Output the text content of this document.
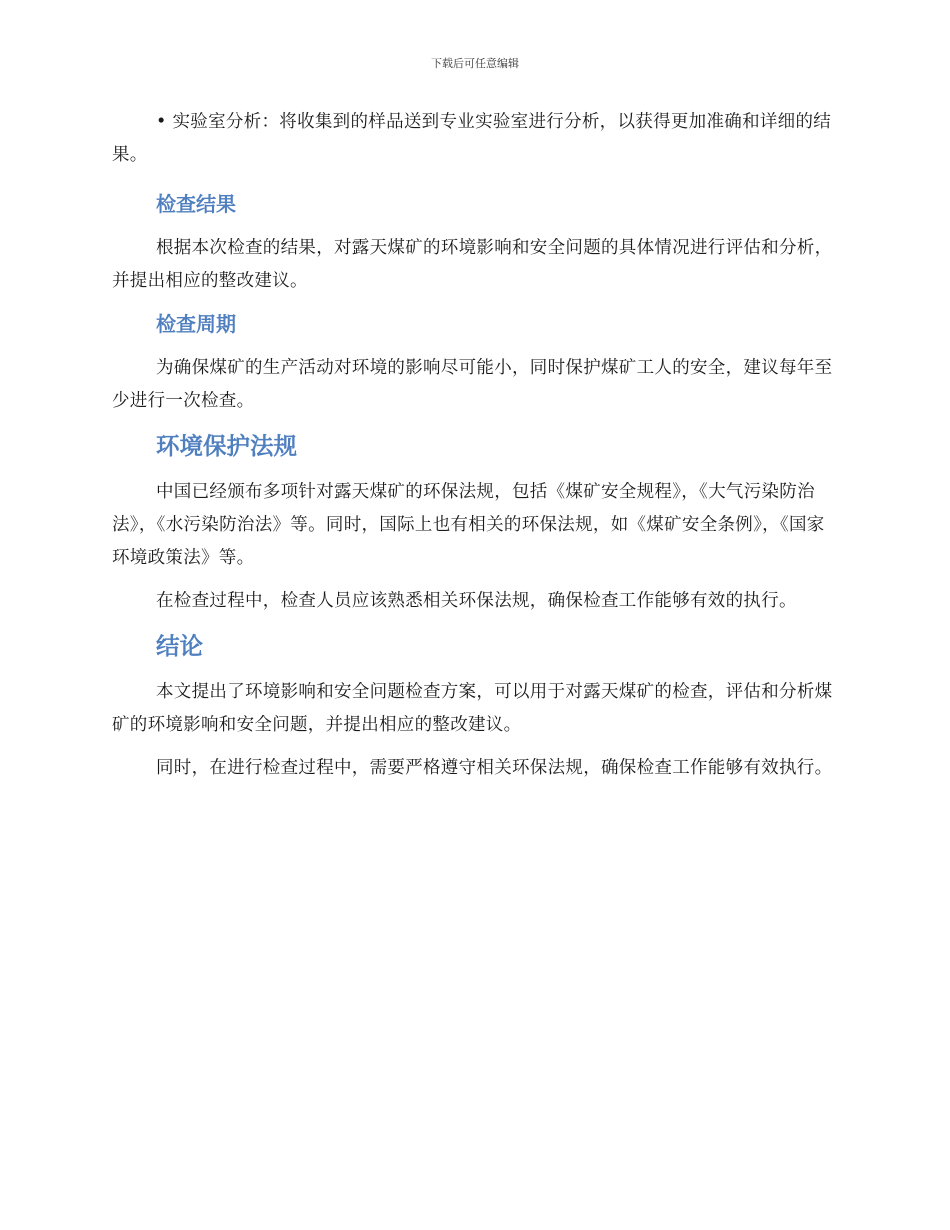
下载后可任意编辑

• 实验室分析：将收集到的样品送到专业实验室进行分析，以获得更加准确和详细的结果。

检查结果

根据本次检查的结果，对露天煤矿的环境影响和安全问题的具体情况进行评估和分析，并提出相应的整改建议。

检查周期

为确保煤矿的生产活动对环境的影响尽可能小，同时保护煤矿工人的安全，建议每年至少进行一次检查。

环境保护法规

中国已经颁布多项针对露天煤矿的环保法规，包括《煤矿安全规程》，《大气污染防治法》，《水污染防治法》等。同时，国际上也有相关的环保法规，如《煤矿安全条例》，《国家环境政策法》等。

在检查过程中，检查人员应该熟悉相关环保法规，确保检查工作能够有效的执行。

结论

本文提出了环境影响和安全问题检查方案，可以用于对露天煤矿的检查，评估和分析煤矿的环境影响和安全问题，并提出相应的整改建议。

同时，在进行检查过程中，需要严格遵守相关环保法规，确保检查工作能够有效执行。
